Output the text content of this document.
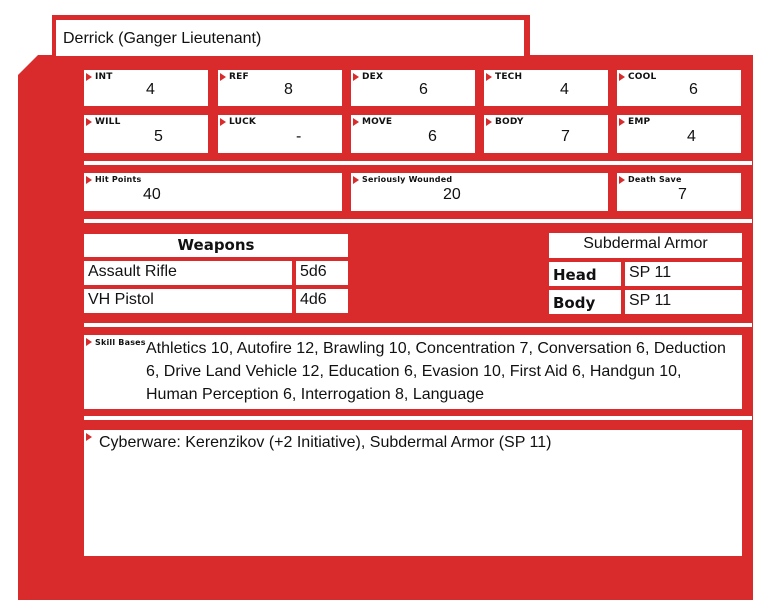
Derrick (Ganger Lieutenant)
INT
4
REF
8
DEX
6
TECH
4
COOL
6
WILL
5
LUCK
-
MOVE
6
BODY
7
EMP
4
Hit Points
40
Seriously Wounded
20
Death Save
7
Weapons
Assault Rifle	5d6
VH Pistol	4d6
Subdermal Armor
Head	SP 11
Body	SP 11
Skill Bases Athletics 10, Autofire 12, Brawling 10, Concentration 7, Conversation 6, Deduction 6, Drive Land Vehicle 12, Education 6, Evasion 10, First Aid 6, Handgun 10, Human Perception 6, Interrogation 8, Language
Cyberware: Kerenzikov (+2 Initiative), Subdermal Armor (SP 11)
